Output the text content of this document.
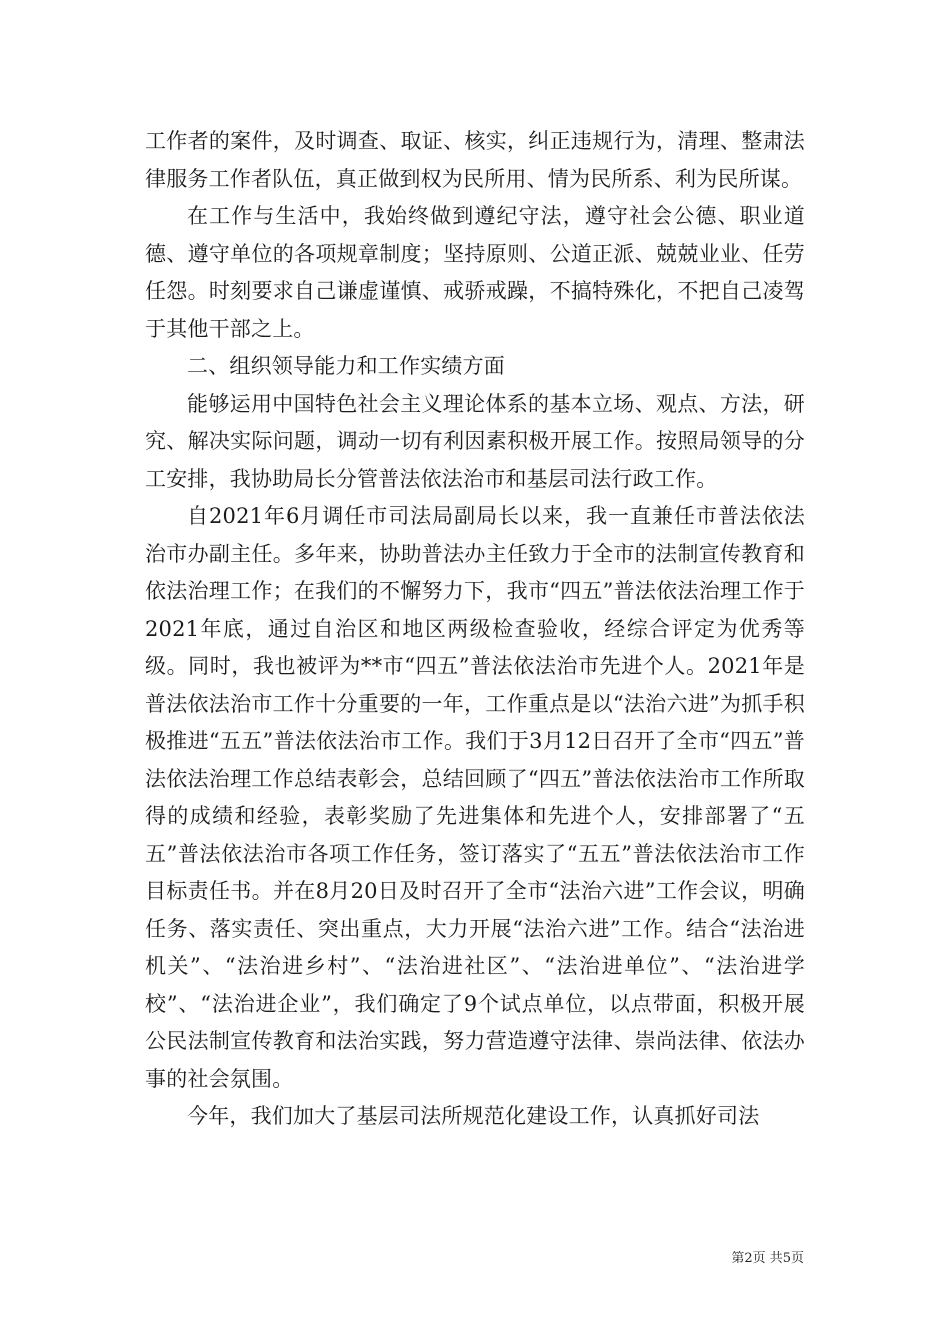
工作者的案件，及时调查、取证、核实，纠正违规行为，清理、整肃法律服务工作者队伍，真正做到权为民所用、情为民所系、利为民所谋。

在工作与生活中，我始终做到遵纪守法，遵守社会公德、职业道德、遵守单位的各项规章制度；坚持原则、公道正派、兢兢业业、任劳任怨。时刻要求自己谦虚谨慎、戒骄戒躁，不搞特殊化，不把自己凌驾于其他干部之上。

二、组织领导能力和工作实绩方面

能够运用中国特色社会主义理论体系的基本立场、观点、方法，研究、解决实际问题，调动一切有利因素积极开展工作。按照局领导的分工安排，我协助局长分管普法依法治市和基层司法行政工作。

自2021年6月调任市司法局副局长以来，我一直兼任市普法依法治市办副主任。多年来，协助普法办主任致力于全市的法制宣传教育和依法治理工作；在我们的不懈努力下，我市“四五”普法依法治理工作于2021年底，通过自治区和地区两级检查验收，经综合评定为优秀等级。同时，我也被评为**市“四五”普法依法治市先进个人。2021年是普法依法治市工作十分重要的一年，工作重点是以“法治六进”为抓手积极推进“五五”普法依法治市工作。我们于3月12日召开了全市“四五”普法依法治理工作总结表彰会，总结回顾了“四五”普法依法治市工作所取得的成绩和经验，表彰奖励了先进集体和先进个人，安排部署了“五五”普法依法治市各项工作任务，签订落实了“五五”普法依法治市工作目标责任书。并在8月20日及时召开了全市“法治六进”工作会议，明确任务、落实责任、突出重点，大力开展“法治六进”工作。结合“法治进机关”、“法治进乡村”、“法治进社区”、“法治进单位”、“法治进学校”、“法治进企业”，我们确定了9个试点单位，以点带面，积极开展公民法制宣传教育和法治实践，努力营造遵守法律、崇尚法律、依法办事的社会氛围。

今年，我们加大了基层司法所规范化建设工作，认真抓好司法

第2页 共5页
